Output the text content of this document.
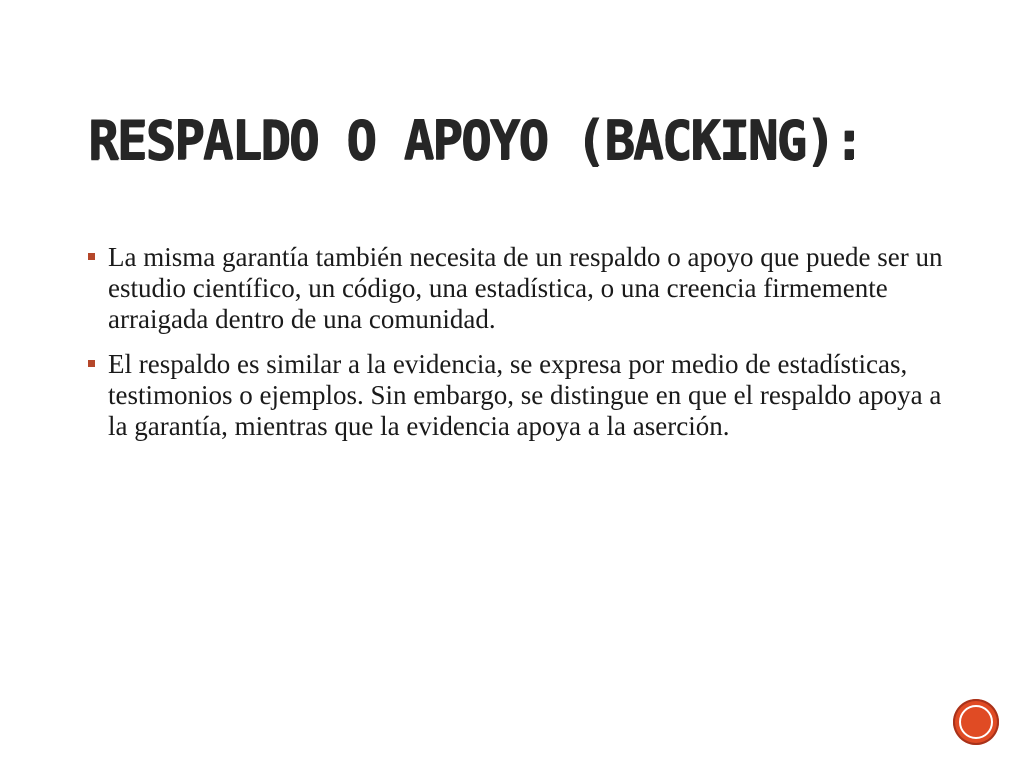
RESPALDO O APOYO (BACKING):
La misma garantía también necesita de un respaldo o apoyo que puede ser un estudio científico, un código, una estadística, o una creencia firmemente arraigada dentro de una comunidad.
El respaldo es similar a la evidencia, se expresa por medio de estadísticas, testimonios o ejemplos. Sin embargo, se distingue en que el respaldo apoya a la garantía, mientras que la evidencia apoya a la aserción.
